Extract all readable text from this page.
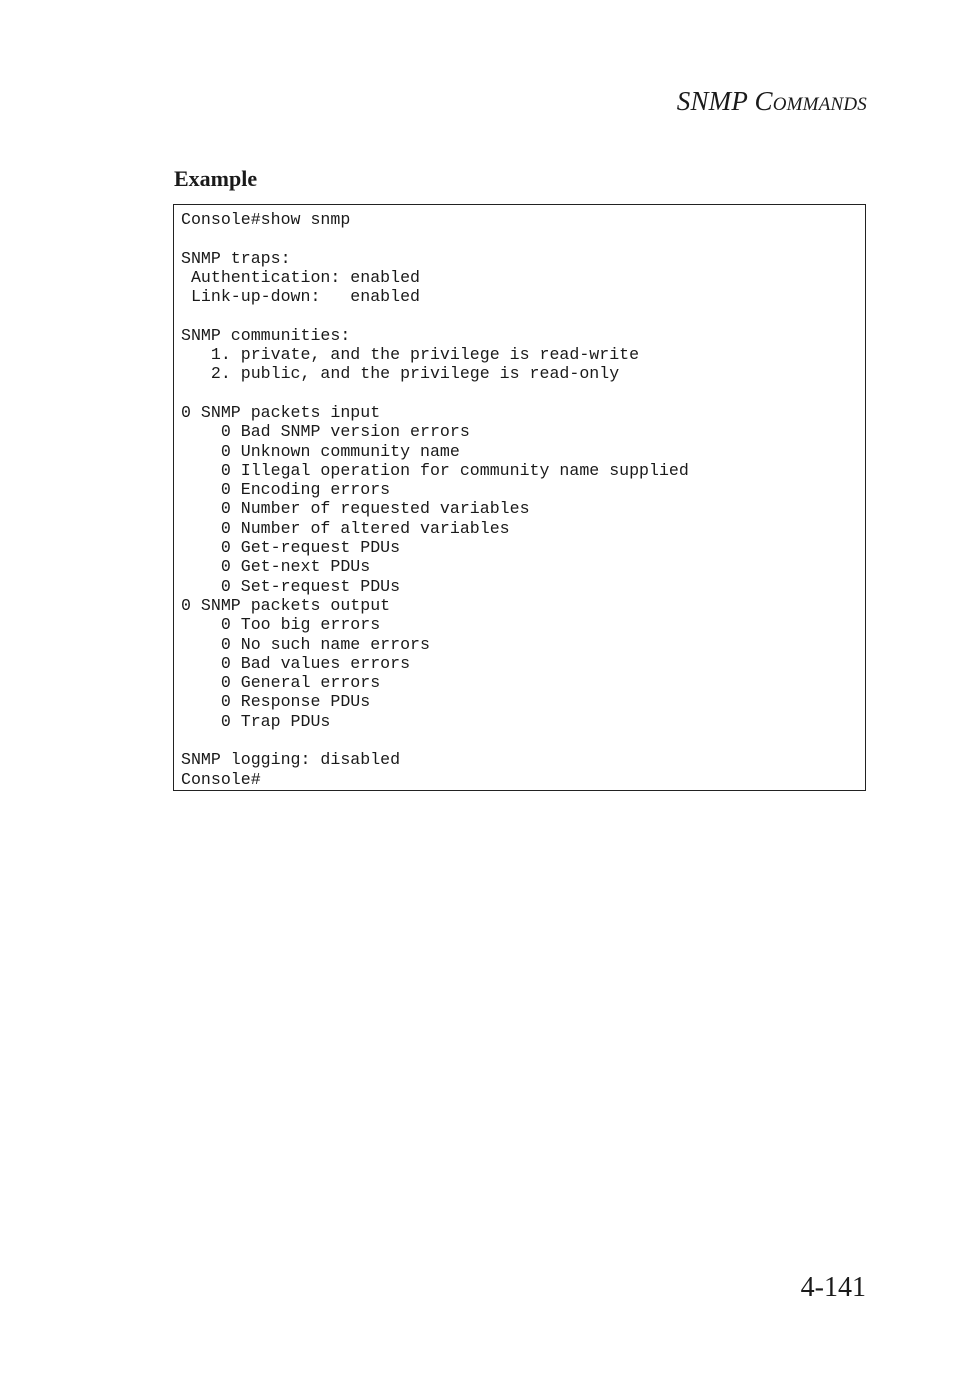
SNMP COMMANDS
Example
Console#show snmp

SNMP traps:
Authentication: enabled
Link-up-down:   enabled

SNMP communities:
1. private, and the privilege is read-write
2. public, and the privilege is read-only

0 SNMP packets input
0 Bad SNMP version errors
0 Unknown community name
0 Illegal operation for community name supplied
0 Encoding errors
0 Number of requested variables
0 Number of altered variables
0 Get-request PDUs
0 Get-next PDUs
0 Set-request PDUs
0 SNMP packets output
0 Too big errors
0 No such name errors
0 Bad values errors
0 General errors
0 Response PDUs
0 Trap PDUs

SNMP logging: disabled
Console#
4-141
